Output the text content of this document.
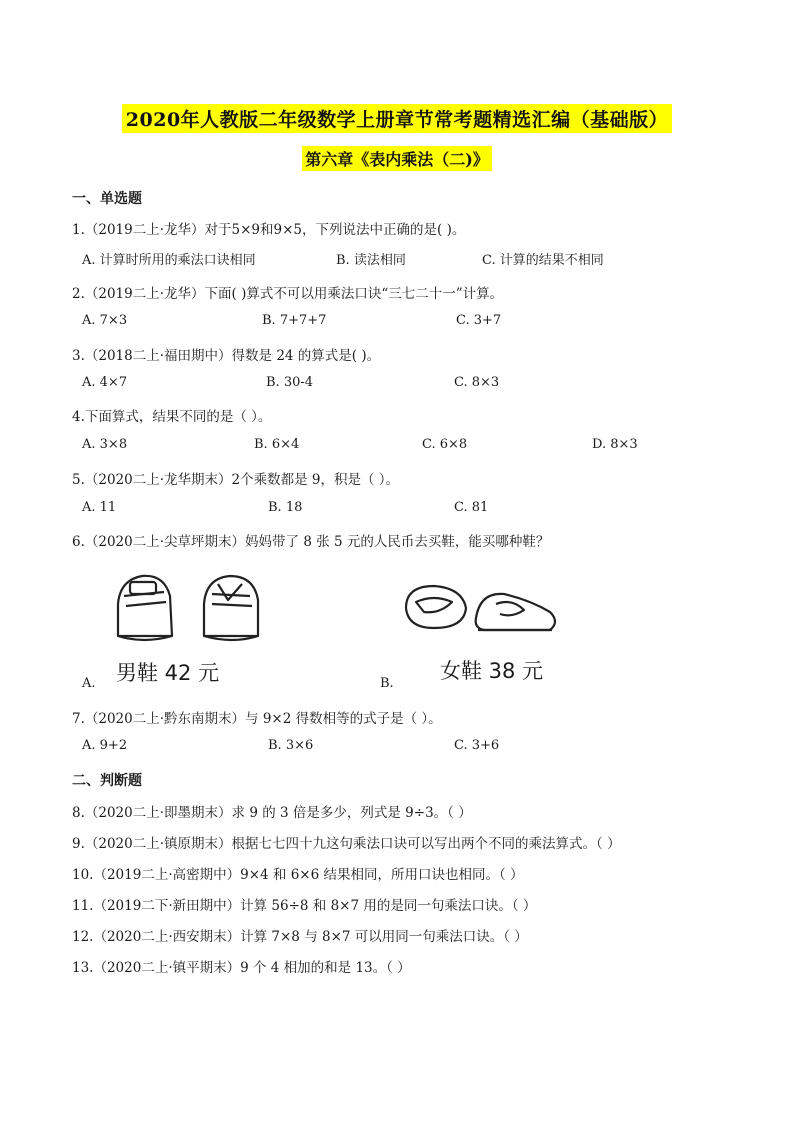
2020年人教版二年级数学上册章节常考题精选汇编（基础版）
第六章《表内乘法（二)》
一、单选题
1.（2019二上·龙华）对于5×9和9×5，下列说法中正确的是( )。
A. 计算时所用的乘法口诀相同	B. 读法相同	C. 计算的结果不相同
2.（2019二上·龙华）下面( )算式不可以用乘法口诀“三七二十一”计算。
A. 7×3	B. 7+7+7	C. 3+7
3.（2018二上·福田期中）得数是 24 的算式是( )。
A. 4×7	B. 30-4	C. 8×3
4.下面算式，结果不同的是（ ）。
A. 3×8	B. 6×4	C. 6×8	D. 8×3
5.（2020二上·龙华期末）2个乘数都是 9，积是（ ）。
A. 11	B. 18	C. 81
6.（2020二上·尖草坪期末）妈妈带了 8 张 5 元的人民币去买鞋，能买哪种鞋？
A. 男鞋 42 元	B.
女鞋 38 元
7.（2020二上·黔东南期末）与 9×2 得数相等的式子是（ ）。
A. 9+2	B. 3×6	C. 3+6
二、判断题
8.（2020二上·即墨期末）求 9 的 3 倍是多少，列式是 9÷3。（ ）
9.（2020二上·镇原期末）根据七七四十九这句乘法口诀可以写出两个不同的乘法算式。（ ）
10.（2019二上·高密期中）9×4 和 6×6 结果相同，所用口诀也相同。（ ）
11.（2019二下·新田期中）计算 56÷8 和 8×7 用的是同一句乘法口诀。（ ）
12.（2020二上·西安期末）计算 7×8 与 8×7 可以用同一句乘法口诀。（ ）
13.（2020二上·镇平期末）9 个 4 相加的和是 13。（ ）
